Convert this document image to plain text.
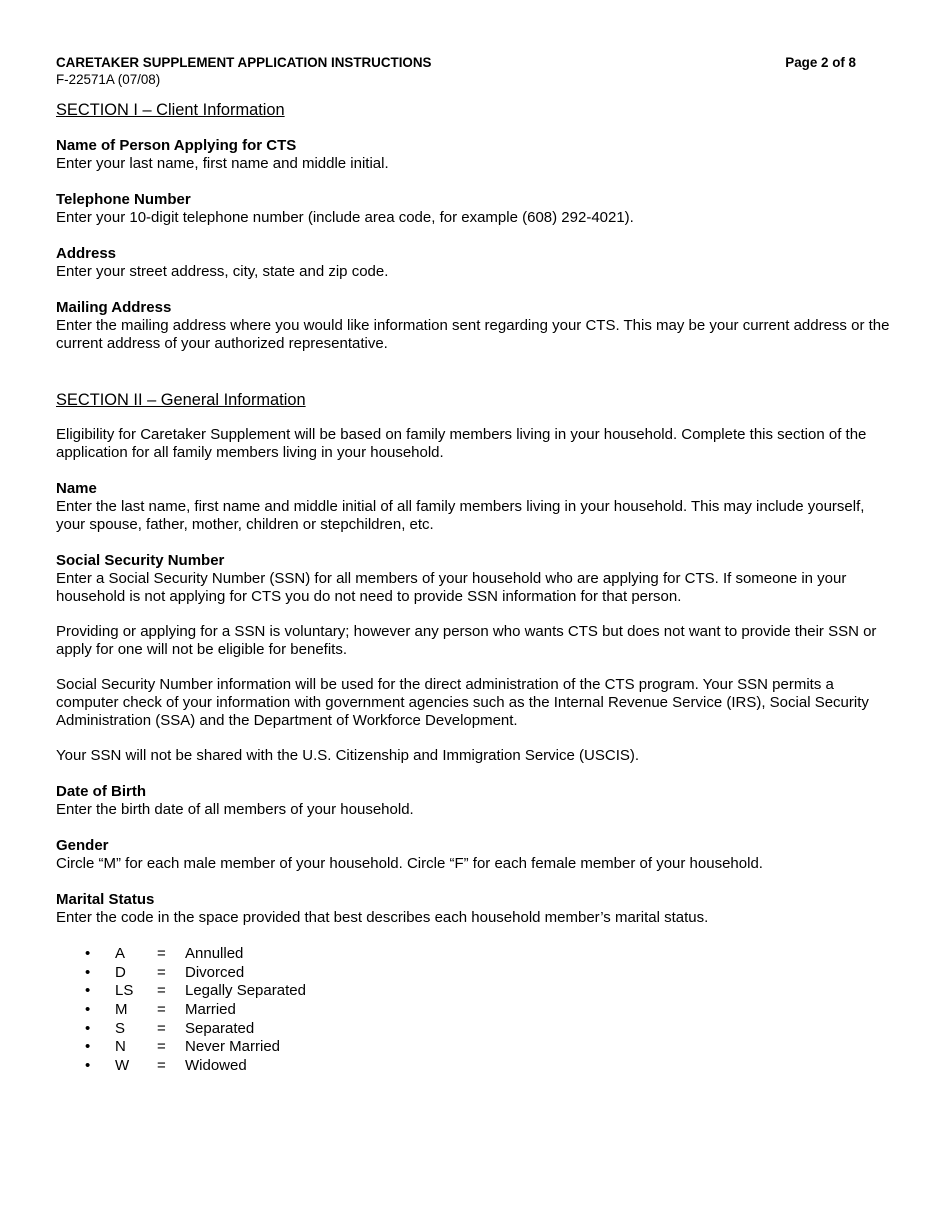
CARETAKER SUPPLEMENT APPLICATION INSTRUCTIONS	Page 2 of 8

F-22571A (07/08)

SECTION I – Client Information

Name of Person Applying for CTS

Enter your last name, first name and middle initial.

Telephone Number

Enter your 10-digit telephone number (include area code, for example (608) 292-4021).

Address

Enter your street address, city, state and zip code.

Mailing Address

Enter the mailing address where you would like information sent regarding your CTS. This may be your current address or the current address of your authorized representative.

SECTION II – General Information

Eligibility for Caretaker Supplement will be based on family members living in your household. Complete this section of the application for all family members living in your household.

Name

Enter the last name, first name and middle initial of all family members living in your household. This may include yourself, your spouse, father, mother, children or stepchildren, etc.

Social Security Number

Enter a Social Security Number (SSN) for all members of your household who are applying for CTS. If someone in your household is not applying for CTS you do not need to provide SSN information for that person.

Providing or applying for a SSN is voluntary; however any person who wants CTS but does not want to provide their SSN or apply for one will not be eligible for benefits.

Social Security Number information will be used for the direct administration of the CTS program. Your SSN permits a computer check of your information with government agencies such as the Internal Revenue Service (IRS), Social Security Administration (SSA) and the Department of Workforce Development.

Your SSN will not be shared with the U.S. Citizenship and Immigration Service (USCIS).

Date of Birth

Enter the birth date of all members of your household.

Gender

Circle “M” for each male member of your household. Circle “F” for each female member of your household.

Marital Status

Enter the code in the space provided that best describes each household member’s marital status.

•	A	=	Annulled
•	D	=	Divorced
•	LS	=	Legally Separated
•	M	=	Married
•	S	=	Separated
•	N	=	Never Married
•	W	=	Widowed
